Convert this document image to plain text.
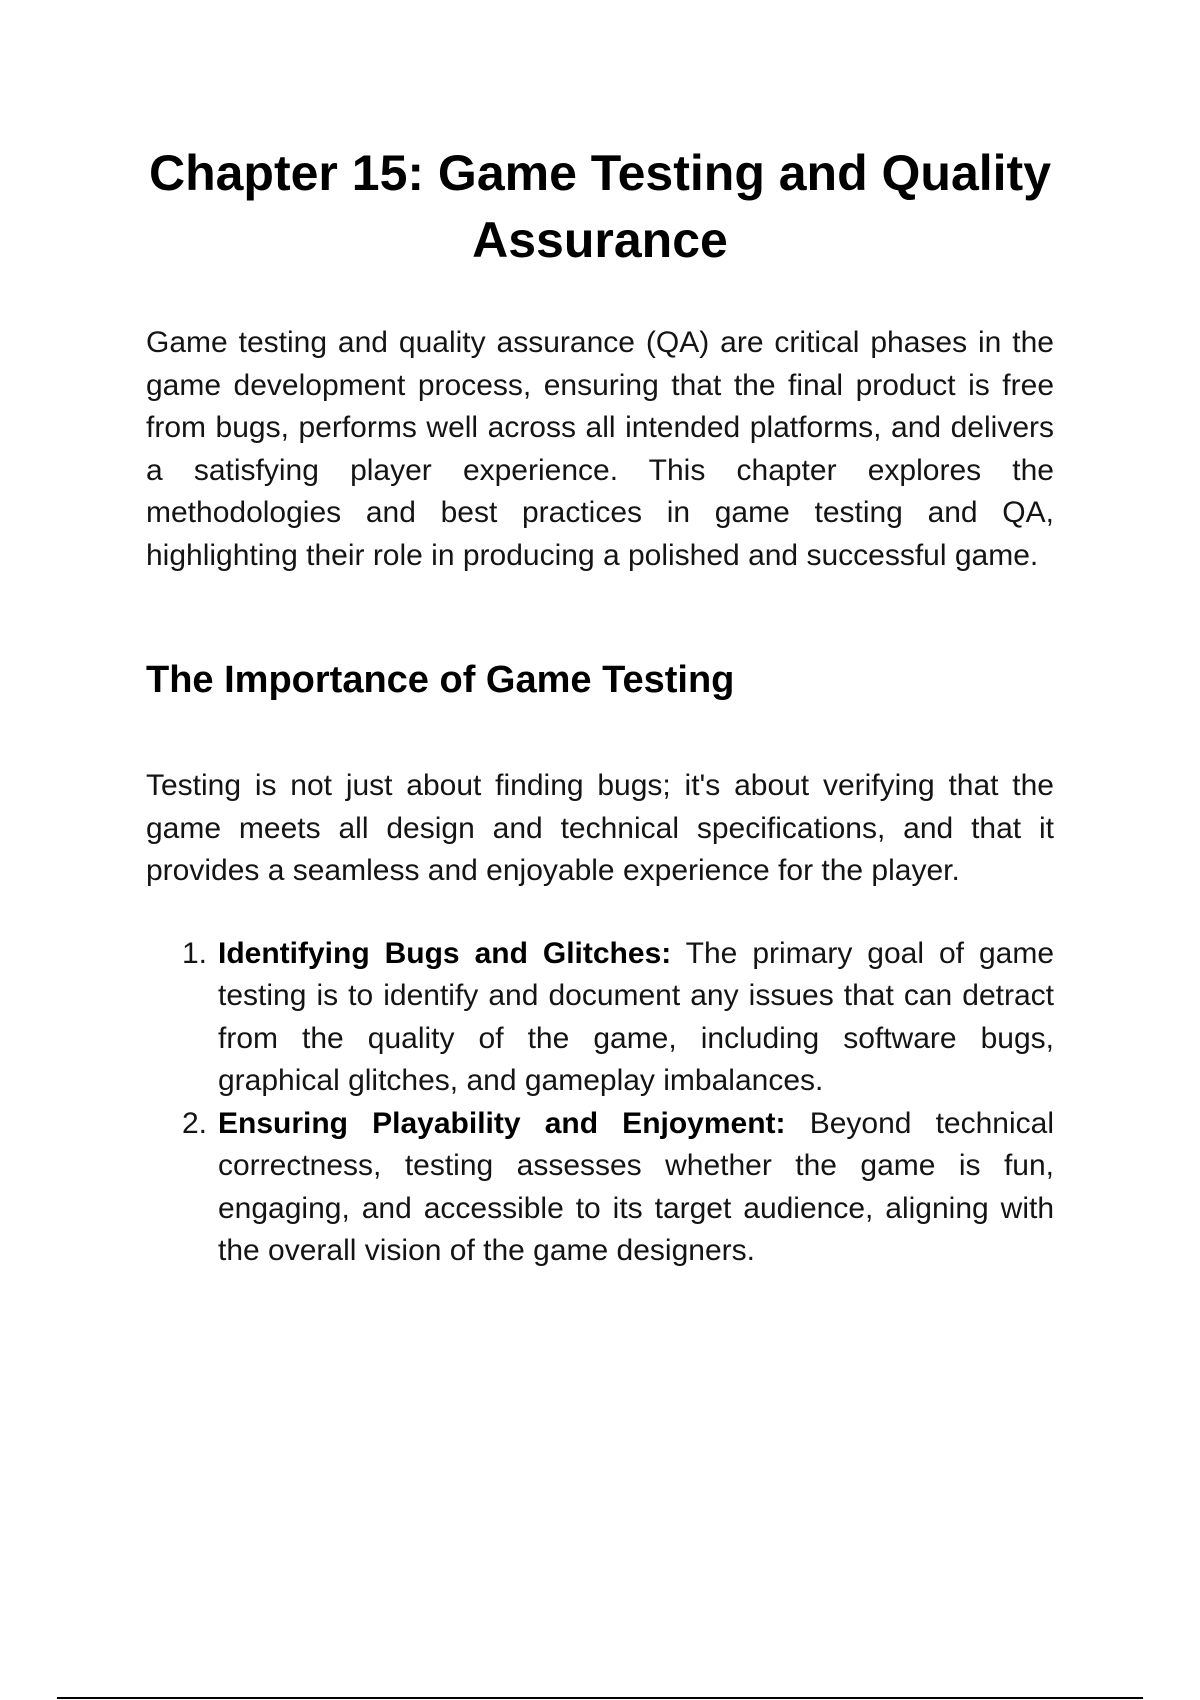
Chapter 15: Game Testing and Quality Assurance

Game testing and quality assurance (QA) are critical phases in the game development process, ensuring that the final product is free from bugs, performs well across all intended platforms, and delivers a satisfying player experience. This chapter explores the methodologies and best practices in game testing and QA, highlighting their role in producing a polished and successful game.

The Importance of Game Testing

Testing is not just about finding bugs; it's about verifying that the game meets all design and technical specifications, and that it provides a seamless and enjoyable experience for the player.

1. Identifying Bugs and Glitches: The primary goal of game testing is to identify and document any issues that can detract from the quality of the game, including software bugs, graphical glitches, and gameplay imbalances.
2. Ensuring Playability and Enjoyment: Beyond technical correctness, testing assesses whether the game is fun, engaging, and accessible to its target audience, aligning with the overall vision of the game designers.
